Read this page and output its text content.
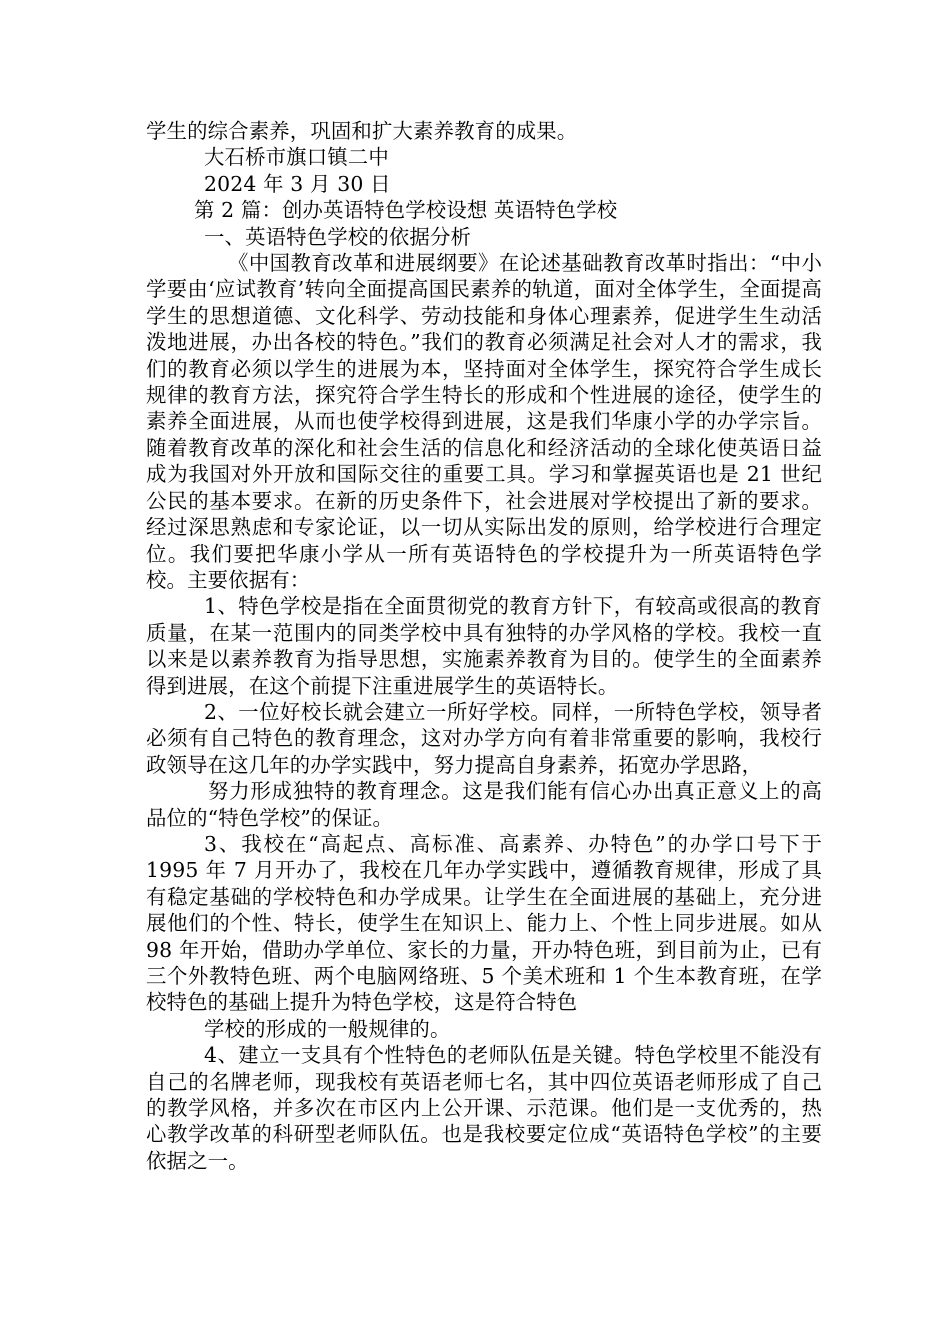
学生的综合素养，巩固和扩大素养教育的成果。

大石桥市旗口镇二中

2024 年 3 月 30 日

第 2 篇：创办英语特色学校设想 英语特色学校

一、英语特色学校的依据分析

《中国教育改革和进展纲要》在论述基础教育改革时指出：“中小学要由‘应试教育’转向全面提高国民素养的轨道，面对全体学生，全面提高学生的思想道德、文化科学、劳动技能和身体心理素养，促进学生生动活泼地进展，办出各校的特色。”我们的教育必须满足社会对人才的需求，我们的教育必须以学生的进展为本，坚持面对全体学生，探究符合学生成长规律的教育方法，探究符合学生特长的形成和个性进展的途径，使学生的素养全面进展，从而也使学校得到进展，这是我们华康小学的办学宗旨。随着教育改革的深化和社会生活的信息化和经济活动的全球化使英语日益成为我国对外开放和国际交往的重要工具。学习和掌握英语也是 21 世纪公民的基本要求。在新的历史条件下，社会进展对学校提出了新的要求。经过深思熟虑和专家论证，以一切从实际出发的原则，给学校进行合理定位。我们要把华康小学从一所有英语特色的学校提升为一所英语特色学校。主要依据有：

1、特色学校是指在全面贯彻党的教育方针下，有较高或很高的教育质量，在某一范围内的同类学校中具有独特的办学风格的学校。我校一直以来是以素养教育为指导思想，实施素养教育为目的。使学生的全面素养得到进展，在这个前提下注重进展学生的英语特长。

2、一位好校长就会建立一所好学校。同样，一所特色学校，领导者必须有自己特色的教育理念，这对办学方向有着非常重要的影响，我校行政领导在这几年的办学实践中，努力提高自身素养，拓宽办学思路，

努力形成独特的教育理念。这是我们能有信心办出真正意义上的高品位的“特色学校”的保证。

3、我校在“高起点、高标准、高素养、办特色”的办学口号下于 1995 年 7 月开办了，我校在几年办学实践中，遵循教育规律，形成了具有稳定基础的学校特色和办学成果。让学生在全面进展的基础上，充分进展他们的个性、特长，使学生在知识上、能力上、个性上同步进展。如从 98 年开始，借助办学单位、家长的力量，开办特色班，到目前为止，已有三个外教特色班、两个电脑网络班、5 个美术班和 1 个生本教育班，在学校特色的基础上提升为特色学校，这是符合特色

学校的形成的一般规律的。

4、建立一支具有个性特色的老师队伍是关键。特色学校里不能没有自己的名牌老师，现我校有英语老师七名，其中四位英语老师形成了自己的教学风格，并多次在市区内上公开课、示范课。他们是一支优秀的，热心教学改革的科研型老师队伍。也是我校要定位成“英语特色学校”的主要依据之一。
